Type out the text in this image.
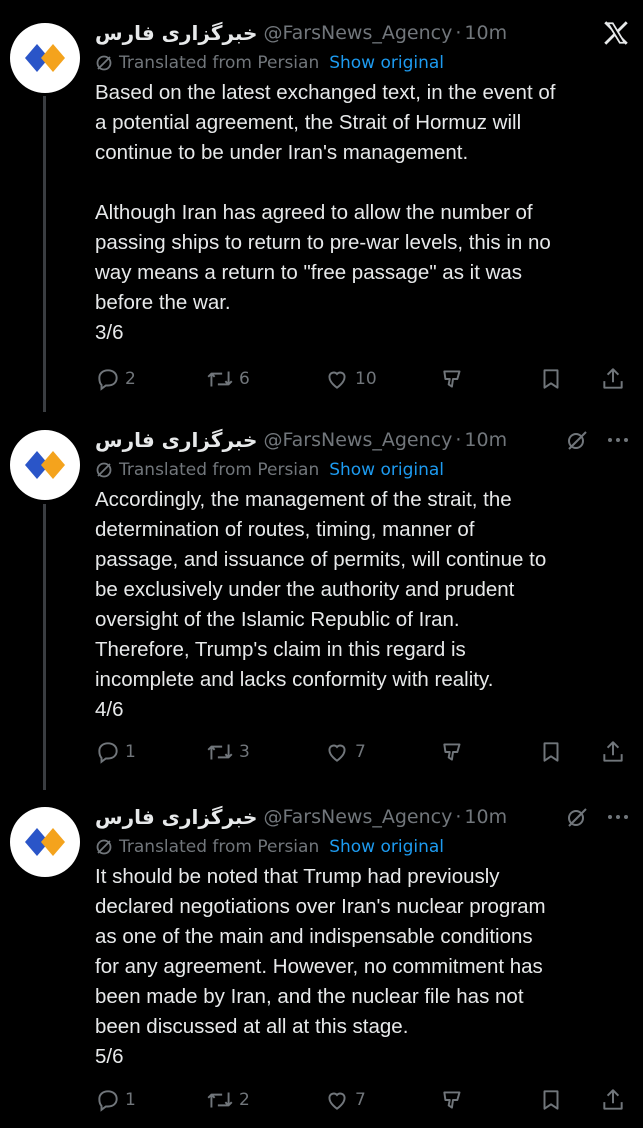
خبرگزاری فارس @FarsNews_Agency · 10m
Translated from Persian Show original
Based on the latest exchanged text, in the event of
a potential agreement, the Strait of Hormuz will
continue to be under Iran's management.

Although Iran has agreed to allow the number of
passing ships to return to pre-war levels, this in no
way means a return to "free passage" as it was
before the war.
3/6
2	6	10
خبرگزاری فارس @FarsNews_Agency · 10m
Translated from Persian Show original
Accordingly, the management of the strait, the
determination of routes, timing, manner of
passage, and issuance of permits, will continue to
be exclusively under the authority and prudent
oversight of the Islamic Republic of Iran.
Therefore, Trump's claim in this regard is
incomplete and lacks conformity with reality.
4/6
1	3	7
خبرگزاری فارس @FarsNews_Agency · 10m
Translated from Persian Show original
It should be noted that Trump had previously
declared negotiations over Iran's nuclear program
as one of the main and indispensable conditions
for any agreement. However, no commitment has
been made by Iran, and the nuclear file has not
been discussed at all at this stage.
5/6
1	2	7
